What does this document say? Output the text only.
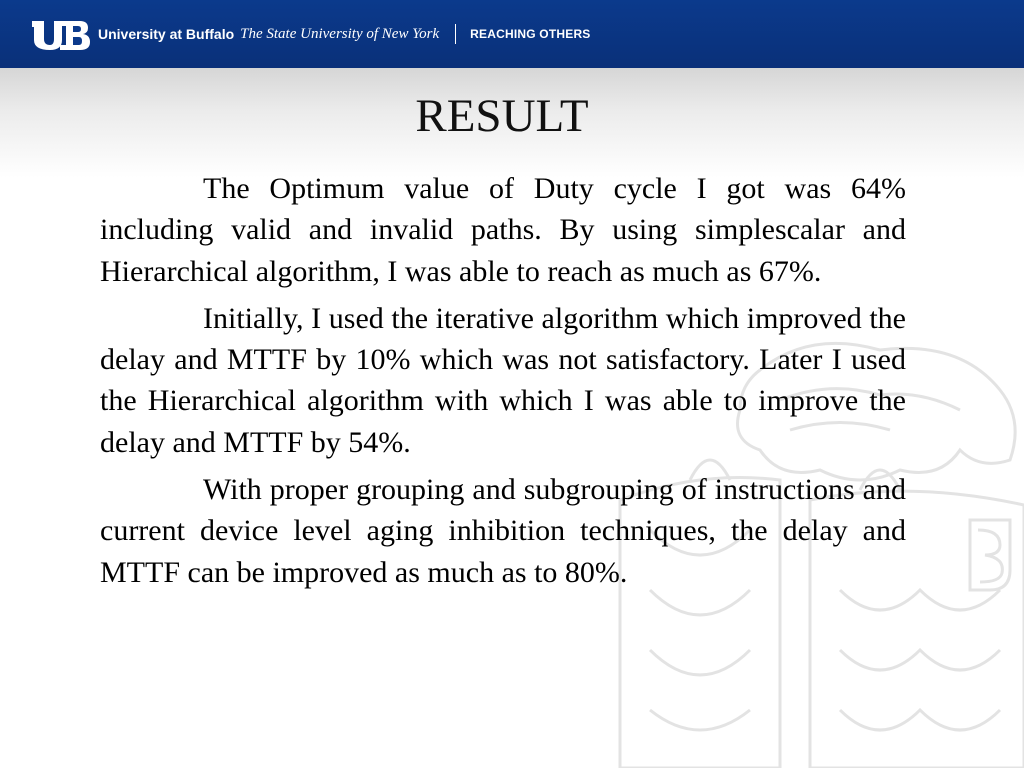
University at Buffalo The State University of New York	REACHING OTHERS
RESULT

The Optimum value of Duty cycle I got was 64% including valid and invalid paths. By using simplescalar and Hierarchical algorithm, I was able to reach as much as 67%.

Initially, I used the iterative algorithm which improved the delay and MTTF by 10% which was not satisfactory. Later I used the Hierarchical algorithm with which I was able to improve the delay and MTTF by 54%.

With proper grouping and subgrouping of instructions and current device level aging inhibition techniques, the delay and MTTF can be improved as much as to 80%.
